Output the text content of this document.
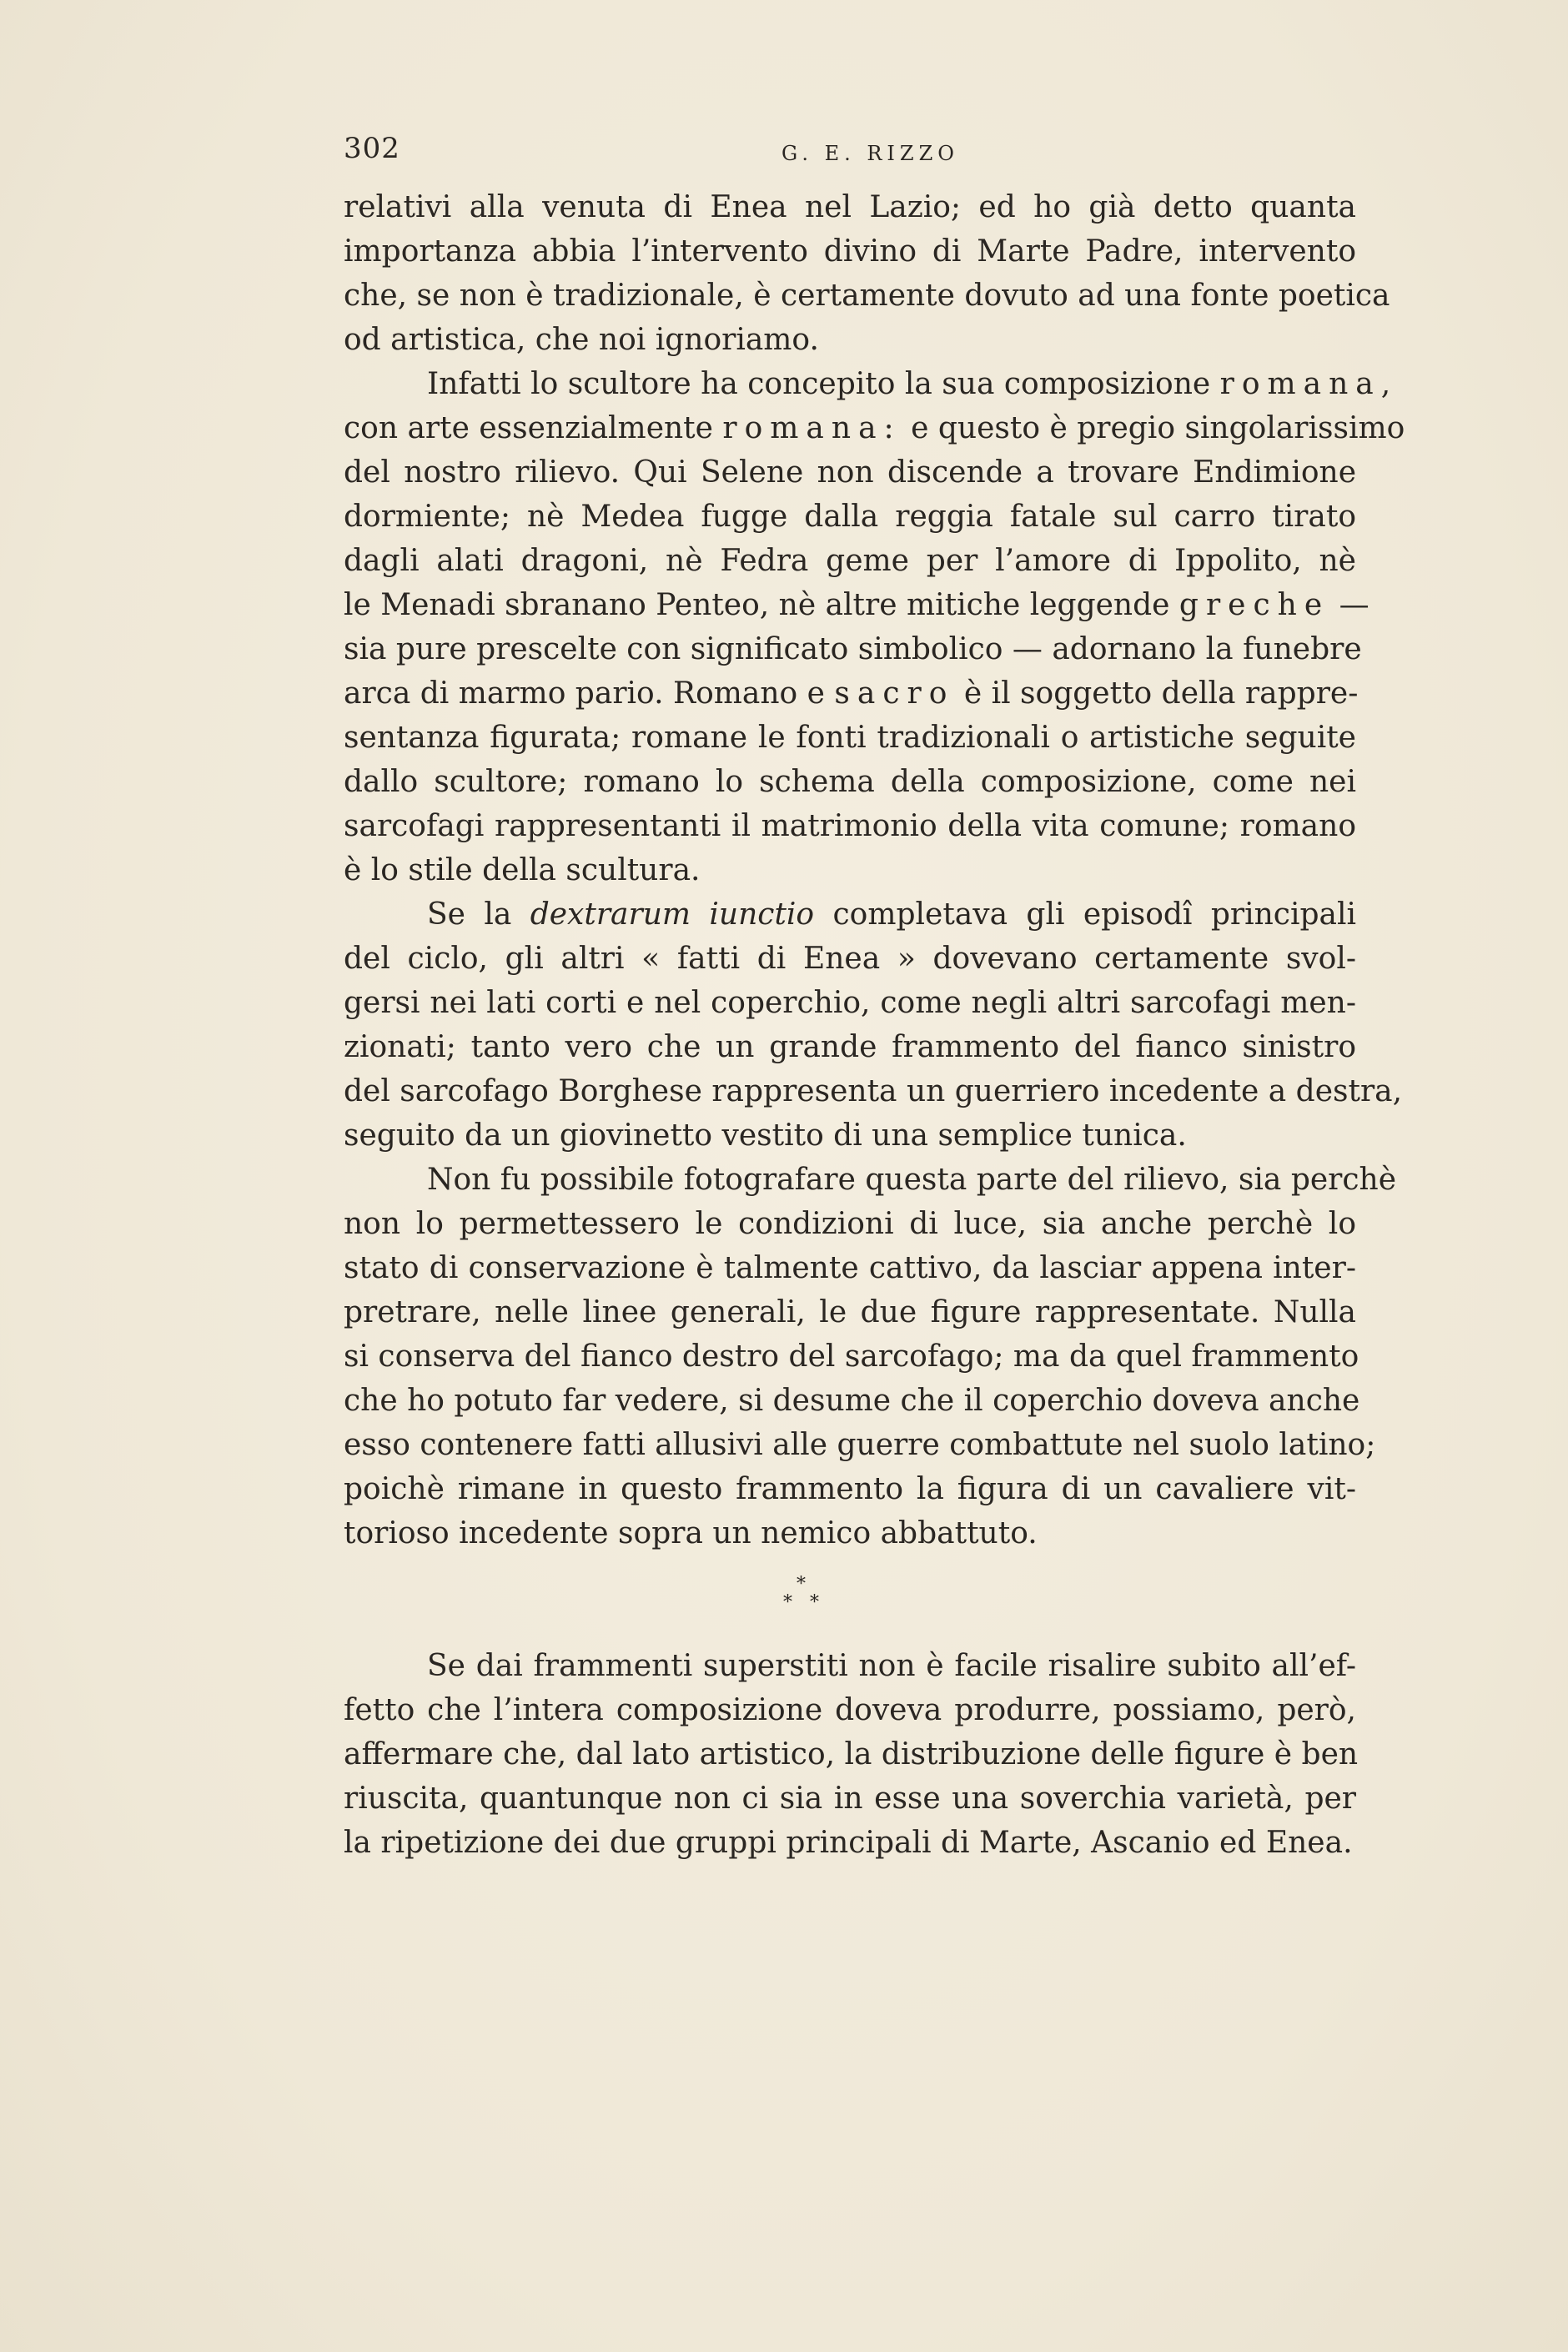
302	G. E. RIZZO

relativi alla venuta di Enea nel Lazio; ed ho già detto quanta
importanza abbia l’intervento divino di Marte Padre, intervento
che, se non è tradizionale, è certamente dovuto ad una fonte poetica
od artistica, che noi ignoriamo.

Infatti lo scultore ha concepito la sua composizione romana,
con arte essenzialmente romana: e questo è pregio singolarissimo
del nostro rilievo. Qui Selene non discende a trovare Endimione
dormiente; nè Medea fugge dalla reggia fatale sul carro tirato
dagli alati dragoni, nè Fedra geme per l’amore di Ippolito, nè
le Menadi sbranano Penteo, nè altre mitiche leggende greche —
sia pure prescelte con significato simbolico — adornano la funebre
arca di marmo pario. Romano e sacro è il soggetto della rappre-
sentanza figurata; romane le fonti tradizionali o artistiche seguite
dallo scultore; romano lo schema della composizione, come nei
sarcofagi rappresentanti il matrimonio della vita comune; romano
è lo stile della scultura.

Se la dextrarum iunctio completava gli episodî principali
del ciclo, gli altri « fatti di Enea » dovevano certamente svol-
gersi nei lati corti e nel coperchio, come negli altri sarcofagi men-
zionati; tanto vero che un grande frammento del fianco sinistro
del sarcofago Borghese rappresenta un guerriero incedente a destra,
seguito da un giovinetto vestito di una semplice tunica.

Non fu possibile fotografare questa parte del rilievo, sia perchè
non lo permettessero le condizioni di luce, sia anche perchè lo
stato di conservazione è talmente cattivo, da lasciar appena inter-
pretrare, nelle linee generali, le due figure rappresentate. Nulla
si conserva del fianco destro del sarcofago; ma da quel frammento
che ho potuto far vedere, si desume che il coperchio doveva anche
esso contenere fatti allusivi alle guerre combattute nel suolo latino;
poichè rimane in questo frammento la figura di un cavaliere vit-
torioso incedente sopra un nemico abbattuto.

*
* *

Se dai frammenti superstiti non è facile risalire subito all’ef-
fetto che l’intera composizione doveva produrre, possiamo, però,
affermare che, dal lato artistico, la distribuzione delle figure è ben
riuscita, quantunque non ci sia in esse una soverchia varietà, per
la ripetizione dei due gruppi principali di Marte, Ascanio ed Enea.
